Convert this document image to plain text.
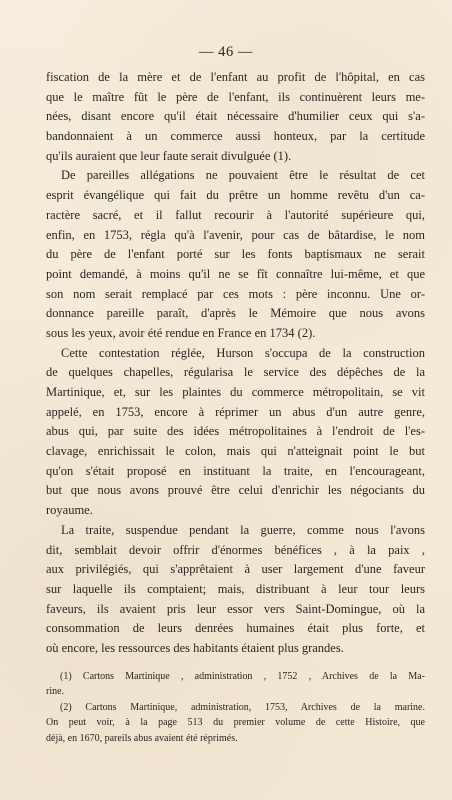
— 46 —
fiscation de la mère et de l'enfant au profit de l'hôpital, en cas
que le maître fût le père de l'enfant, ils continuèrent leurs me-
nées, disant encore qu'il était nécessaire d'humilier ceux qui s'a-
bandonnaient à un commerce aussi honteux, par la certitude
qu'ils auraient que leur faute serait divulguée (1).
De pareilles allégations ne pouvaient être le résultat de cet
esprit évangélique qui fait du prêtre un homme revêtu d'un ca-
ractère sacré, et il fallut recourir à l'autorité supérieure qui,
enfin, en 1753, régla qu'à l'avenir, pour cas de bâtardise, le nom
du père de l'enfant porté sur les fonts baptismaux ne serait
point demandé, à moins qu'il ne se fît connaître lui-même, et que
son nom serait remplacé par ces mots : père inconnu. Une or-
donnance pareille paraît, d'après le Mémoire que nous avons
sous les yeux, avoir été rendue en France en 1734 (2).
Cette contestation réglée, Hurson s'occupa de la construction
de quelques chapelles, régularisa le service des dépêches de la
Martinique, et, sur les plaintes du commerce métropolitain, se vit
appelé, en 1753, encore à réprimer un abus d'un autre genre,
abus qui, par suite des idées métropolitaines à l'endroit de l'es-
clavage, enrichissait le colon, mais qui n'atteignait point le but
qu'on s'était proposé en instituant la traite, en l'encourageant,
but que nous avons prouvé être celui d'enrichir les négociants du
royaume.
La traite, suspendue pendant la guerre, comme nous l'avons
dit, semblait devoir offrir d'énormes bénéfices , à la paix ,
aux privilégiés, qui s'apprêtaient à user largement d'une faveur
sur laquelle ils comptaient; mais, distribuant à leur tour leurs
faveurs, ils avaient pris leur essor vers Saint-Domingue, où la
consommation de leurs denrées humaines était plus forte, et
où encore, les ressources des habitants étaient plus grandes.
(1) Cartons Martinique , administration , 1752 , Archives de la Ma-
rine.
(2) Cartons Martinique, administration, 1753, Archives de la marine.
On peut voir, à la page 513 du premier volume de cette Histoire, que
déjà, en 1670, pareils abus avaient été réprimés.
